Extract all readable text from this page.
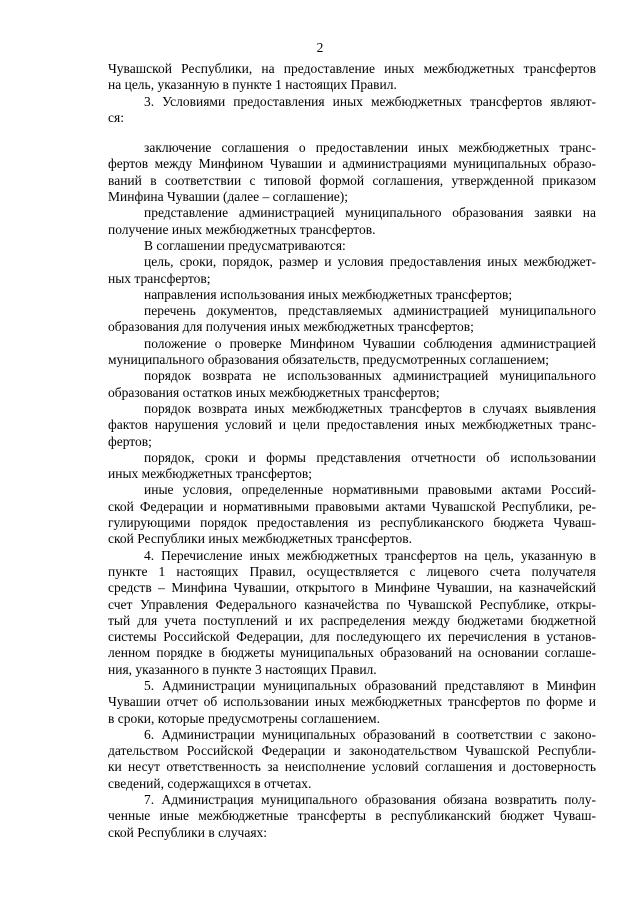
2
Чувашской Республики, на предоставление иных межбюджетных трансфертов
на цель, указанную в пункте 1 настоящих Правил.
3. Условиями предоставления иных межбюджетных трансфертов являют-
ся:
заключение соглашения о предоставлении иных межбюджетных транс-
фертов между Минфином Чувашии и администрациями муниципальных образо-
ваний в соответствии с типовой формой соглашения, утвержденной приказом
Минфина Чувашии (далее – соглашение);
представление администрацией муниципального образования заявки на
получение иных межбюджетных трансфертов.
В соглашении предусматриваются:
цель, сроки, порядок, размер и условия предоставления иных межбюджет-
ных трансфертов;
направления использования иных межбюджетных трансфертов;
перечень документов, представляемых администрацией муниципального
образования для получения иных межбюджетных трансфертов;
положение о проверке Минфином Чувашии соблюдения администрацией
муниципального образования обязательств, предусмотренных соглашением;
порядок возврата не использованных администрацией муниципального
образования остатков иных межбюджетных трансфертов;
порядок возврата иных межбюджетных трансфертов в случаях выявления
фактов нарушения условий и цели предоставления иных межбюджетных транс-
фертов;
порядок, сроки и формы представления отчетности об использовании
иных межбюджетных трансфертов;
иные условия, определенные нормативными правовыми актами Россий-
ской Федерации и нормативными правовыми актами Чувашской Республики, ре-
гулирующими порядок предоставления из республиканского бюджета Чуваш-
ской Республики иных межбюджетных трансфертов.
4. Перечисление иных межбюджетных трансфертов на цель, указанную в
пункте 1 настоящих Правил, осуществляется с лицевого счета получателя
средств – Минфина Чувашии, открытого в Минфине Чувашии, на казначейский
счет Управления Федерального казначейства по Чувашской Республике, откры-
тый для учета поступлений и их распределения между бюджетами бюджетной
системы Российской Федерации, для последующего их перечисления в установ-
ленном порядке в бюджеты муниципальных образований на основании соглаше-
ния, указанного в пункте 3 настоящих Правил.
5. Администрации муниципальных образований представляют в Минфин
Чувашии отчет об использовании иных межбюджетных трансфертов по форме и
в сроки, которые предусмотрены соглашением.
6. Администрации муниципальных образований в соответствии с законо-
дательством Российской Федерации и законодательством Чувашской Республи-
ки несут ответственность за неисполнение условий соглашения и достоверность
сведений, содержащихся в отчетах.
7. Администрация муниципального образования обязана возвратить полу-
ченные иные межбюджетные трансферты в республиканский бюджет Чуваш-
ской Республики в случаях:
